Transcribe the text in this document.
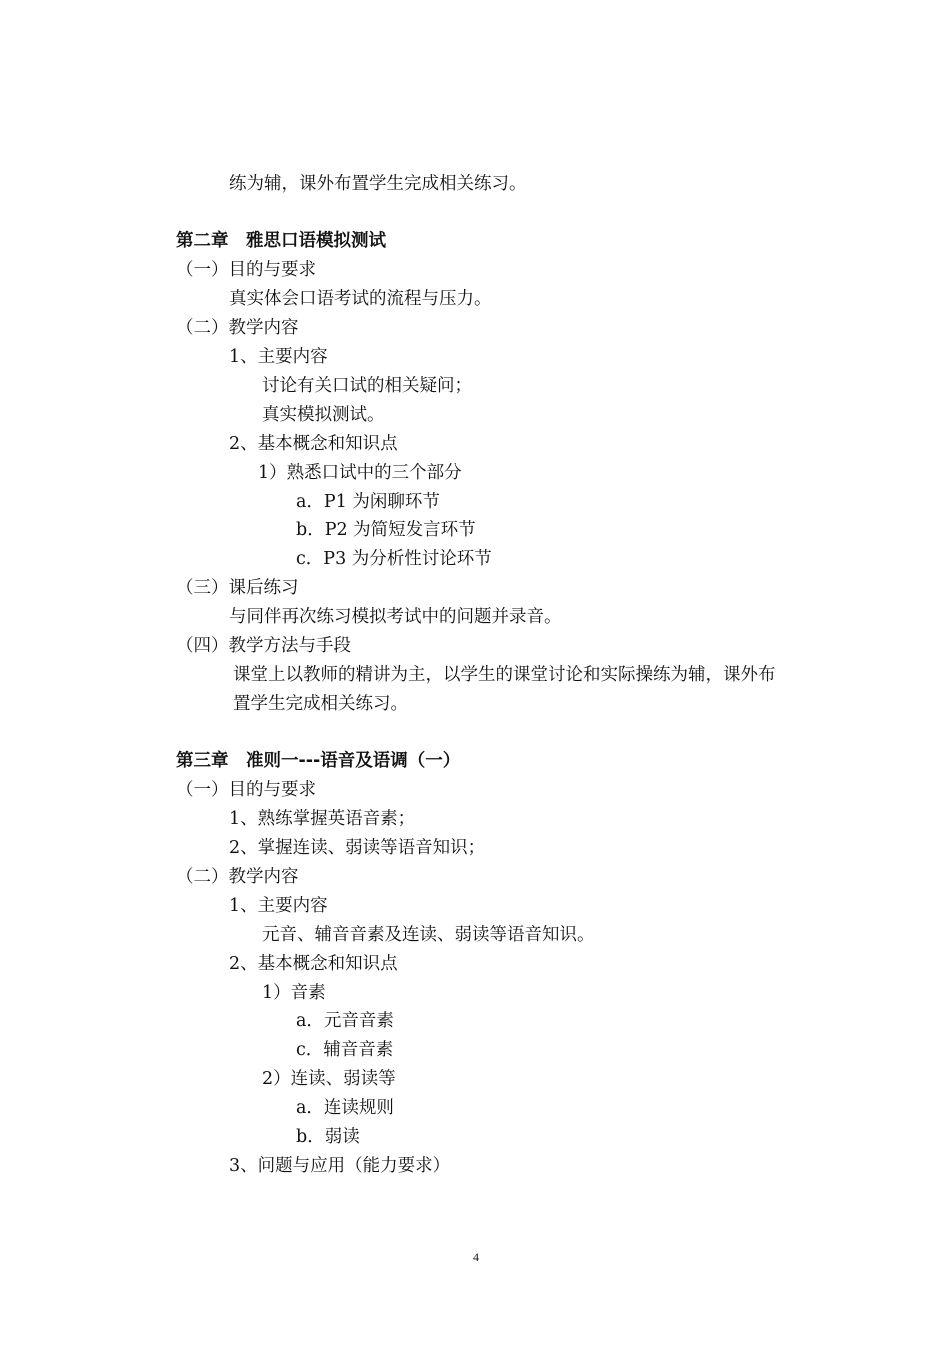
练为辅，课外布置学生完成相关练习。
第二章　雅思口语模拟测试
（一）目的与要求
真实体会口语考试的流程与压力。
（二）教学内容
1、主要内容
讨论有关口试的相关疑问；
真实模拟测试。
2、基本概念和知识点
1）熟悉口试中的三个部分
a．P1 为闲聊环节
b．P2 为简短发言环节
c．P3 为分析性讨论环节
（三）课后练习
与同伴再次练习模拟考试中的问题并录音。
（四）教学方法与手段
课堂上以教师的精讲为主，以学生的课堂讨论和实际操练为辅，课外布
置学生完成相关练习。
第三章　准则一---语音及语调（一）
（一）目的与要求
1、熟练掌握英语音素；
2、掌握连读、弱读等语音知识；
（二）教学内容
1、主要内容
元音、辅音音素及连读、弱读等语音知识。
2、基本概念和知识点
1）音素
a．元音音素
c．辅音音素
2）连读、弱读等
a．连读规则
b．弱读
3、问题与应用（能力要求）
4
